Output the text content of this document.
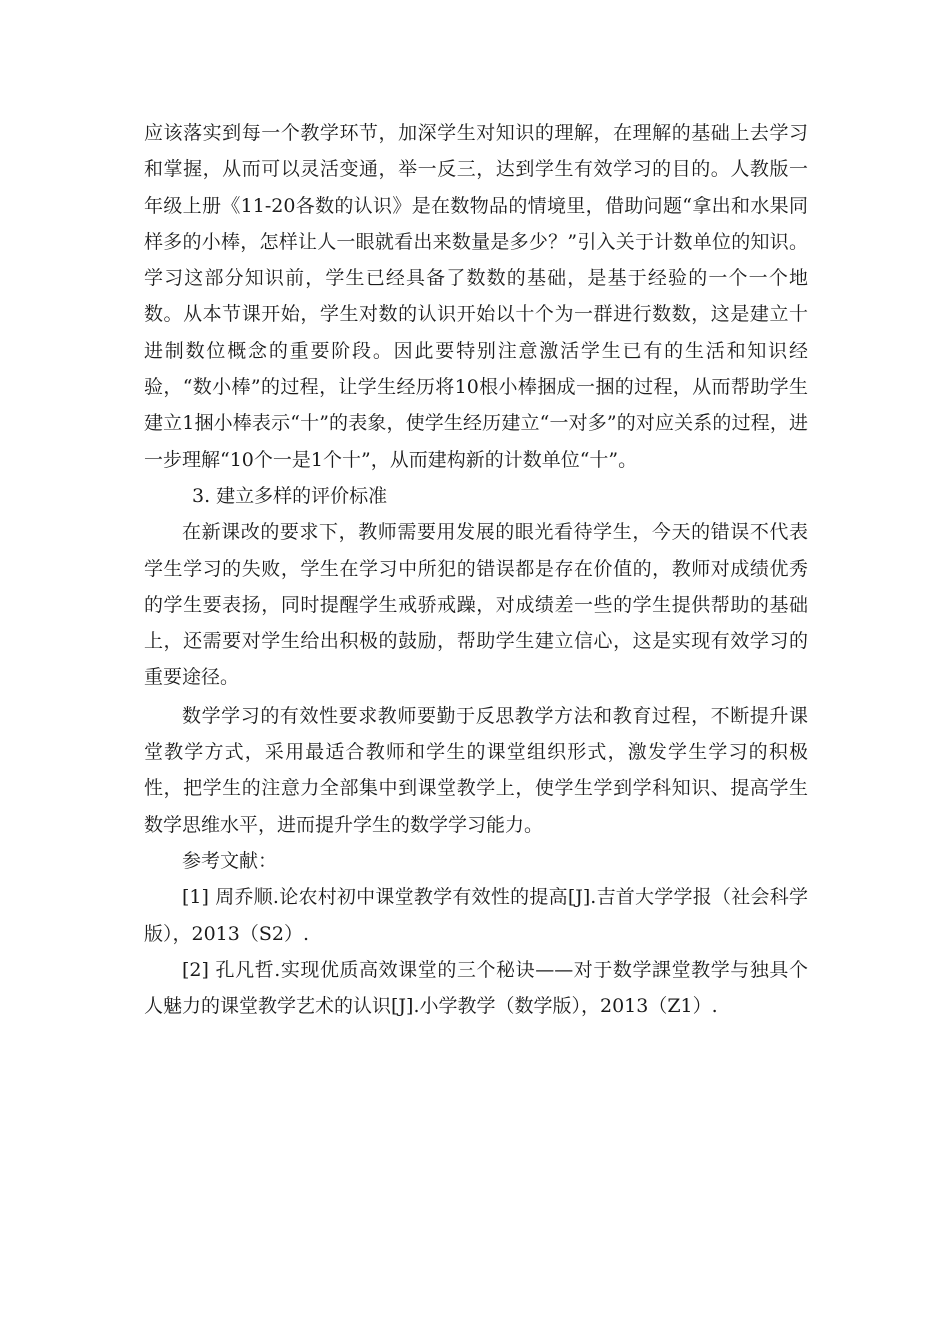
应该落实到每一个教学环节，加深学生对知识的理解，在理解的基础上去学习和掌握，从而可以灵活变通，举一反三，达到学生有效学习的目的。人教版一年级上册《11-20各数的认识》是在数物品的情境里，借助问题“拿出和水果同样多的小棒，怎样让人一眼就看出来数量是多少？”引入关于计数单位的知识。学习这部分知识前，学生已经具备了数数的基础，是基于经验的一个一个地数。从本节课开始，学生对数的认识开始以十个为一群进行数数，这是建立十进制数位概念的重要阶段。因此要特别注意激活学生已有的生活和知识经验，“数小棒”的过程，让学生经历将10根小棒捆成一捆的过程，从而帮助学生建立1捆小棒表示“十”的表象，使学生经历建立“一对多”的对应关系的过程，进一步理解“10个一是1个十”，从而建构新的计数单位“十”。

3. 建立多样的评价标准

在新课改的要求下，教师需要用发展的眼光看待学生，今天的错误不代表学生学习的失败，学生在学习中所犯的错误都是存在价值的，教师对成绩优秀的学生要表扬，同时提醒学生戒骄戒躁，对成绩差一些的学生提供帮助的基础上，还需要对学生给出积极的鼓励，帮助学生建立信心，这是实现有效学习的重要途径。

数学学习的有效性要求教师要勤于反思教学方法和教育过程，不断提升课堂教学方式，采用最适合教师和学生的课堂组织形式，激发学生学习的积极性，把学生的注意力全部集中到课堂教学上，使学生学到学科知识、提高学生数学思维水平，进而提升学生的数学学习能力。

参考文献：

[1] 周乔顺.论农村初中课堂教学有效性的提高[J].吉首大学学报（社会科学版），2013（S2）.

[2] 孔凡哲.实现优质高效课堂的三个秘诀——对于数学課堂教学与独具个人魅力的课堂教学艺术的认识[J].小学教学（数学版），2013（Z1）.
